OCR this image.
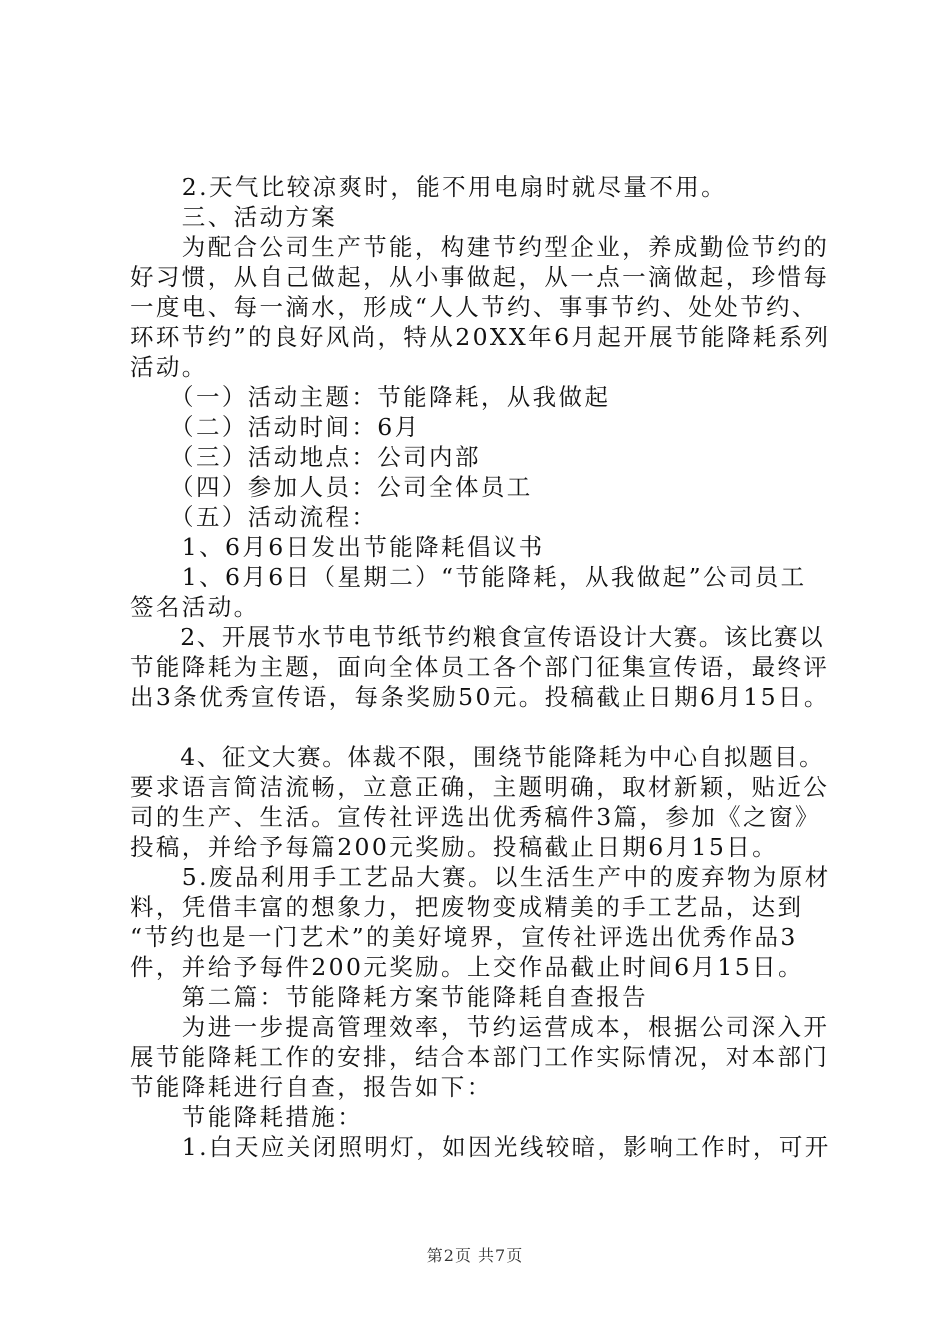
　　2.天气比较凉爽时，能不用电扇时就尽量不用。
　　三、活动方案
　　为配合公司生产节能，构建节约型企业，养成勤俭节约的
好习惯，从自己做起，从小事做起，从一点一滴做起，珍惜每
一度电、每一滴水，形成“人人节约、事事节约、处处节约、
环环节约”的良好风尚，特从20XX年6月起开展节能降耗系列
活动。
　　（一）活动主题：节能降耗，从我做起
　　（二）活动时间：6月
　　（三）活动地点：公司内部
　　（四）参加人员：公司全体员工
　　（五）活动流程：
　　1、6月6日发出节能降耗倡议书
　　1、6月6日（星期二）“节能降耗，从我做起”公司员工
签名活动。
　　2、开展节水节电节纸节约粮食宣传语设计大赛。该比赛以
节能降耗为主题，面向全体员工各个部门征集宣传语，最终评
出3条优秀宣传语，每条奖励50元。投稿截止日期6月15日。
　　4、征文大赛。体裁不限，围绕节能降耗为中心自拟题目。
要求语言简洁流畅，立意正确，主题明确，取材新颖，贴近公
司的生产、生活。宣传社评选出优秀稿件3篇，参加《之窗》
投稿，并给予每篇200元奖励。投稿截止日期6月15日。
　　5.废品利用手工艺品大赛。以生活生产中的废弃物为原材
料，凭借丰富的想象力，把废物变成精美的手工艺品，达到
“节约也是一门艺术”的美好境界，宣传社评选出优秀作品3
件，并给予每件200元奖励。上交作品截止时间6月15日。
　　第二篇：节能降耗方案节能降耗自查报告
　　为进一步提高管理效率，节约运营成本，根据公司深入开
展节能降耗工作的安排，结合本部门工作实际情况，对本部门
节能降耗进行自查，报告如下：
　　节能降耗措施：
　　1.白天应关闭照明灯，如因光线较暗，影响工作时，可开
第2页 共7页
